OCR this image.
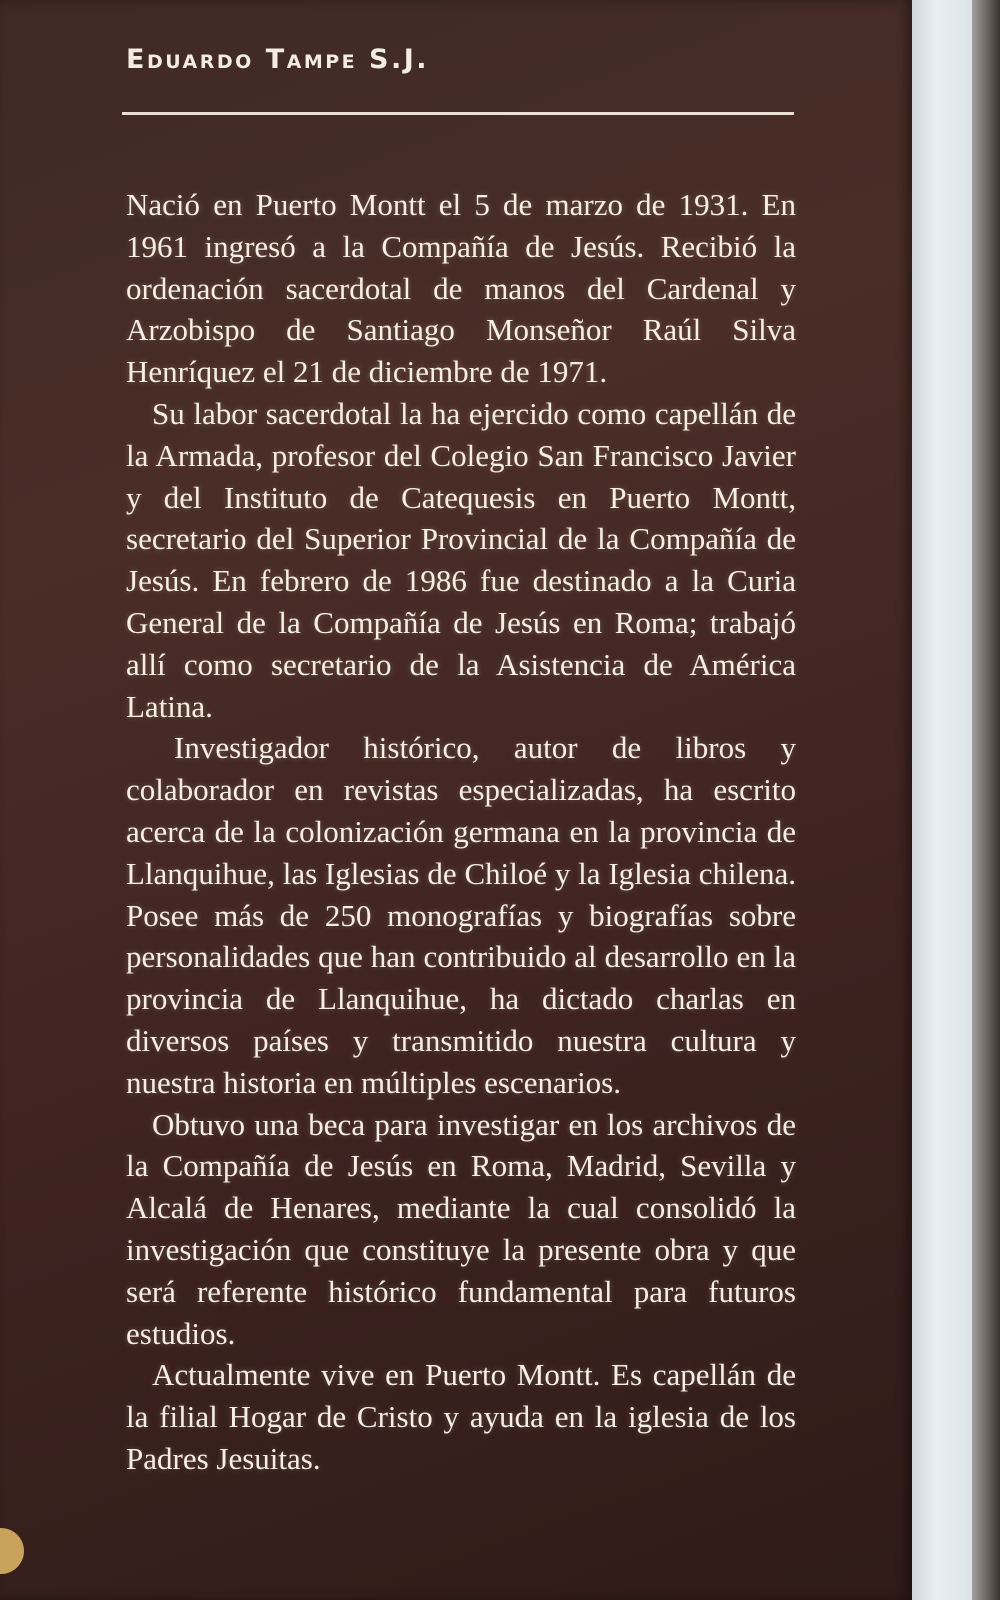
Eduardo Tampe S.J.

Nació en Puerto Montt el 5 de marzo de 1931. En 1961 ingresó a la Compañía de Jesús. Recibió la ordenación sacerdotal de manos del Cardenal y Arzobispo de Santiago Monseñor Raúl Silva Henríquez el 21 de diciembre de 1971.

Su labor sacerdotal la ha ejercido como capellán de la Armada, profesor del Colegio San Francisco Javier y del Instituto de Catequesis en Puerto Montt, secretario del Superior Provincial de la Compañía de Jesús. En febrero de 1986 fue destinado a la Curia General de la Compañía de Jesús en Roma; trabajó allí como secretario de la Asistencia de América Latina.

Investigador histórico, autor de libros y colaborador en revistas especializadas, ha escrito acerca de la colonización germana en la provincia de Llanquihue, las Iglesias de Chiloé y la Iglesia chilena. Posee más de 250 monografías y biografías sobre personalidades que han contribuido al desarrollo en la provincia de Llanquihue, ha dictado charlas en diversos países y transmitido nuestra cultura y nuestra historia en múltiples escenarios.

Obtuvo una beca para investigar en los archivos de la Compañía de Jesús en Roma, Madrid, Sevilla y Alcalá de Henares, mediante la cual consolidó la investigación que constituye la presente obra y que será referente histórico fundamental para futuros estudios.

Actualmente vive en Puerto Montt. Es capellán de la filial Hogar de Cristo y ayuda en la iglesia de los Padres Jesuitas.
